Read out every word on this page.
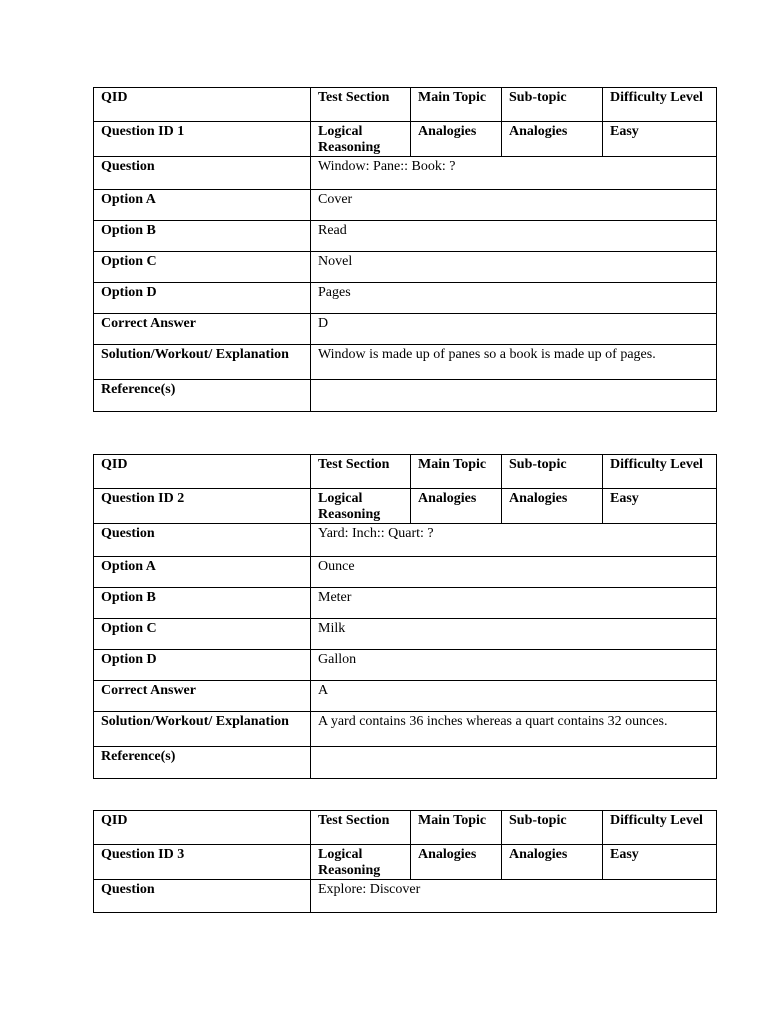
QID	Test Section	Main Topic	Sub-topic	Difficulty Level
Question ID 1	Logical Reasoning	Analogies	Analogies	Easy
Question	Window: Pane:: Book: ?			
Option A	Cover			
Option B	Read			
Option C	Novel			
Option D	Pages			
Correct Answer	D			
Solution/Workout/ Explanation	Window is made up of panes so a book is made up of pages.			
Reference(s)				
QID	Test Section	Main Topic	Sub-topic	Difficulty Level
Question ID 2	Logical Reasoning	Analogies	Analogies	Easy
Question	Yard: Inch:: Quart: ?			
Option A	Ounce			
Option B	Meter			
Option C	Milk			
Option D	Gallon			
Correct Answer	A			
Solution/Workout/ Explanation	A yard contains 36 inches whereas a quart contains 32 ounces.			
Reference(s)				
QID	Test Section	Main Topic	Sub-topic	Difficulty Level
Question ID 3	Logical Reasoning	Analogies	Analogies	Easy
Question	Explore: Discover			
